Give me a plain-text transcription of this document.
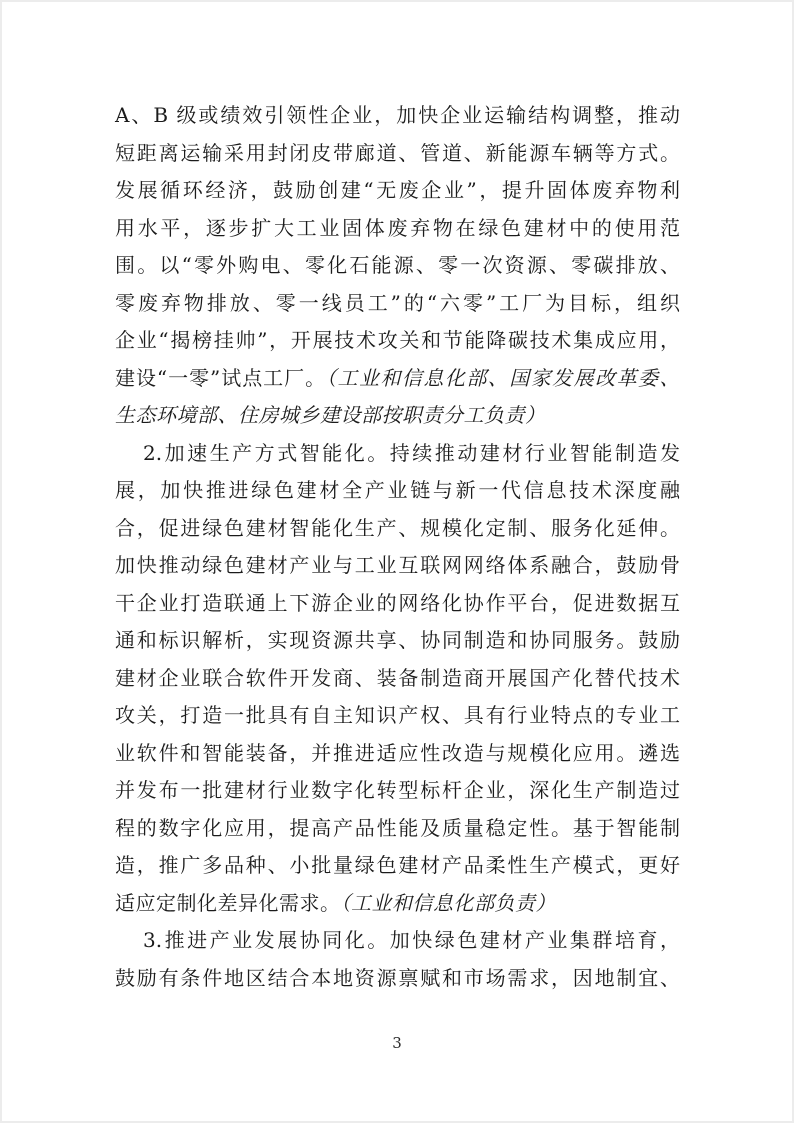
A、B 级或绩效引领性企业，加快企业运输结构调整，推动
短距离运输采用封闭皮带廊道、管道、新能源车辆等方式。
发展循环经济，鼓励创建“无废企业”，提升固体废弃物利
用水平，逐步扩大工业固体废弃物在绿色建材中的使用范
围。以“零外购电、零化石能源、零一次资源、零碳排放、
零废弃物排放、零一线员工”的“六零”工厂为目标，组织
企业“揭榜挂帅”，开展技术攻关和节能降碳技术集成应用，
建设“一零”试点工厂。（工业和信息化部、国家发展改革委、
生态环境部、住房城乡建设部按职责分工负责）
2.加速生产方式智能化。持续推动建材行业智能制造发
展，加快推进绿色建材全产业链与新一代信息技术深度融
合，促进绿色建材智能化生产、规模化定制、服务化延伸。
加快推动绿色建材产业与工业互联网网络体系融合，鼓励骨
干企业打造联通上下游企业的网络化协作平台，促进数据互
通和标识解析，实现资源共享、协同制造和协同服务。鼓励
建材企业联合软件开发商、装备制造商开展国产化替代技术
攻关，打造一批具有自主知识产权、具有行业特点的专业工
业软件和智能装备，并推进适应性改造与规模化应用。遴选
并发布一批建材行业数字化转型标杆企业，深化生产制造过
程的数字化应用，提高产品性能及质量稳定性。基于智能制
造，推广多品种、小批量绿色建材产品柔性生产模式，更好
适应定制化差异化需求。（工业和信息化部负责）
3.推进产业发展协同化。加快绿色建材产业集群培育，
鼓励有条件地区结合本地资源禀赋和市场需求，因地制宜、
3
